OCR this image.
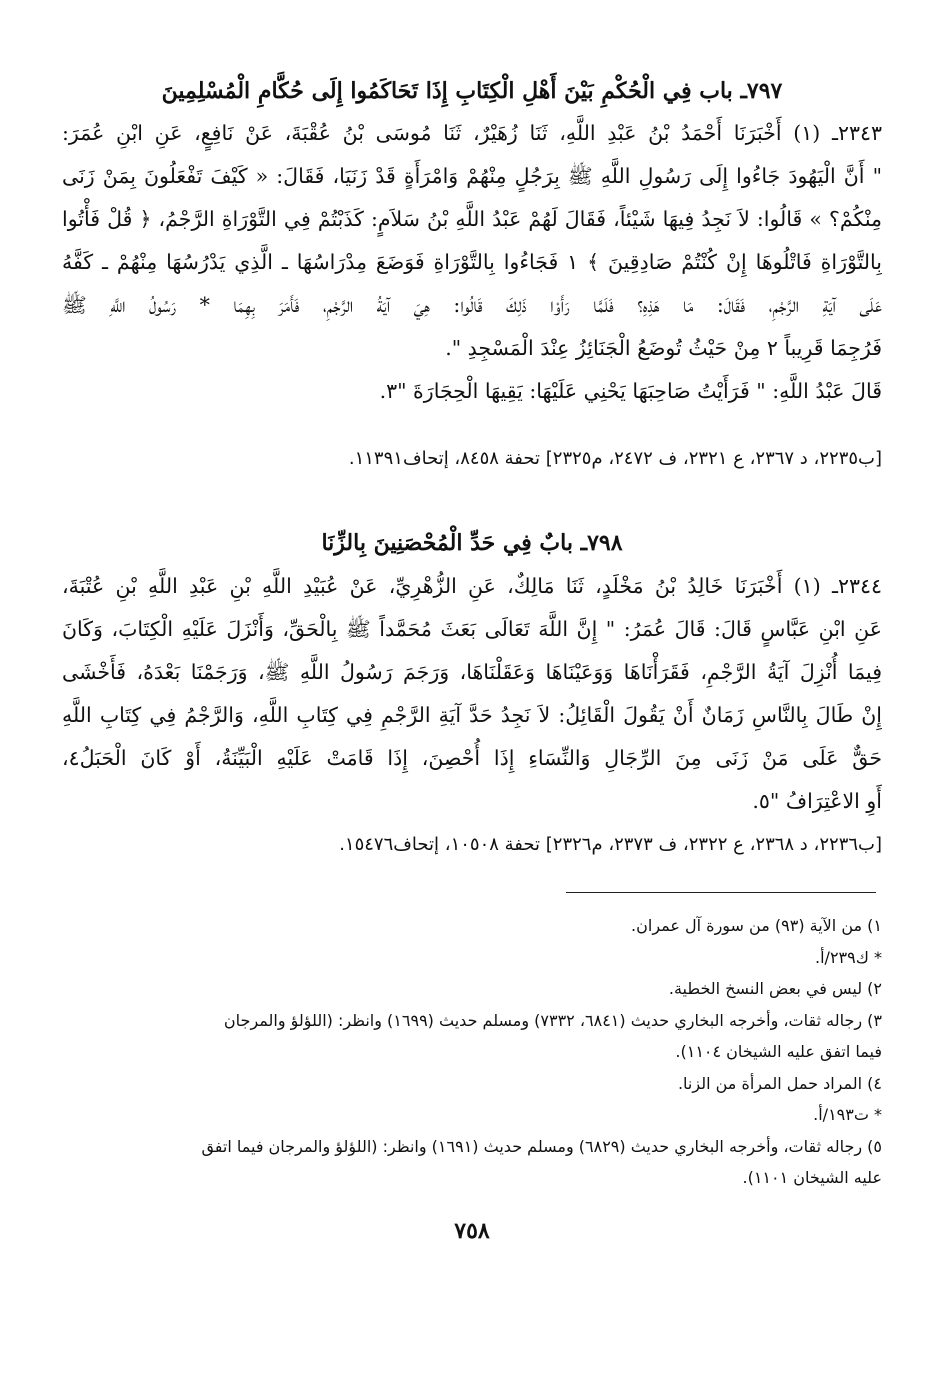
٧٩٧ـ باب فِي الْحُكْمِ بَيْنَ أَهْلِ الْكِتَابِ إِذَا تَحَاكَمُوا إِلَى حُكَّامِ الْمُسْلِمِينَ
٢٣٤٣ـ (١) أَخْبَرَنَا أَحْمَدُ بْنُ عَبْدِ اللَّهِ، ثَنَا زُهَيْرٌ، ثَنَا مُوسَى بْنُ عُقْبَةَ، عَنْ نَافِعٍ، عَنِ ابْنِ عُمَرَ:
" أَنَّ الْيَهُودَ جَاءُوا إِلَى رَسُولِ اللَّهِ ﷺ بِرَجُلٍ مِنْهُمْ وَامْرَأَةٍ قَدْ زَنَيَا، فَقَالَ: « كَيْفَ تَفْعَلُونَ بِمَنْ زَنَى
مِنْكُمْ؟ » قَالُوا: لاَ نَجِدُ فِيهَا شَيْئاً، فَقَالَ لَهُمْ عَبْدُ اللَّهِ بْنُ سَلاَمٍ: كَذَبْتُمْ فِي التَّوْرَاةِ الرَّجْمُ، ﴿ قُلْ فَأْتُوا
بِالتَّوْرَاةِ فَاتْلُوهَا إِنْ كُنْتُمْ صَادِقِينَ ﴾ ١ فَجَاءُوا بِالتَّوْرَاةِ فَوَضَعَ مِدْرَاسُهَا ـ الَّذِي يَدْرُسُهَا مِنْهُمْ ـ كَفَّهُ
عَلَى آيَةِ الرَّجْمِ، فَقَالَ: مَا هَذِهِ؟ فَلَمَّا رَأَوْا ذَلِكَ قَالُوا: هِيَ آيَةُ الرَّجْمِ، فَأَمَرَ بِهِمَا * رَسُولُ اللَّهِ ﷺ
فَرُجِمَا قَرِيباً ٢ مِنْ حَيْثُ تُوضَعُ الْجَنَائِزُ عِنْدَ الْمَسْجِدِ ".
قَالَ عَبْدُ اللَّهِ: " فَرَأَيْتُ صَاحِبَهَا يَحْنِي عَلَيْهَا: يَقِيهَا الْحِجَارَةَ "٣.
[ب٢٢٣٥، د ٢٣٦٧، ع ٢٣٢١، ف ٢٤٧٢، م٢٣٢٥] تحفة ٨٤٥٨، إتحاف١١٣٩١.
٧٩٨ـ بابٌ فِي حَدِّ الْمُحْصَنِينَ بِالزِّنَا
٢٣٤٤ـ (١) أَخْبَرَنَا خَالِدُ بْنُ مَخْلَدٍ، ثَنَا مَالِكٌ، عَنِ الزُّهْرِيِّ، عَنْ عُبَيْدِ اللَّهِ بْنِ عَبْدِ اللَّهِ بْنِ عُتْبَةَ،
عَنِ ابْنِ عَبَّاسٍ قَالَ: قَالَ عُمَرُ: " إِنَّ اللَّهَ تَعَالَى بَعَثَ مُحَمَّداً ﷺ بِالْحَقِّ، وَأَنْزَلَ عَلَيْهِ الْكِتَابَ، وَكَانَ
فِيمَا أُنْزِلَ آيَةُ الرَّجْمِ، فَقَرَأْنَاهَا وَوَعَيْنَاهَا وَعَقَلْنَاهَا، وَرَجَمَ رَسُولُ اللَّهِ ﷺ، وَرَجَمْنَا بَعْدَهُ، فَأَخْشَى
إِنْ طَالَ بِالنَّاسِ زَمَانٌ أَنْ يَقُولَ الْقَائِلُ: لاَ نَجِدُ حَدَّ آيَةِ الرَّجْمِ فِي كِتَابِ اللَّهِ، وَالرَّجْمُ فِي كِتَابِ اللَّهِ
حَقٌّ عَلَى مَنْ زَنَى مِنَ الرِّجَالِ وَالنِّسَاءِ إِذَا أُحْصِنَ، إِذَا قَامَتْ عَلَيْهِ الْبَيِّنَةُ، أَوْ كَانَ الْحَبَلُ٤،
أَوِ الاعْتِرَافُ "٥.
[ب٢٢٣٦، د ٢٣٦٨، ع ٢٣٢٢، ف ٢٣٧٣، م٢٣٢٦] تحفة ١٠٥٠٨، إتحاف١٥٤٧٦.
١) من الآية (٩٣) من سورة آل عمران.
* ك٢٣٩/أ.
٢) ليس في بعض النسخ الخطية.
٣) رجاله ثقات، وأخرجه البخاري حديث (٦٨٤١، ٧٣٣٢) ومسلم حديث (١٦٩٩) وانظر: (اللؤلؤ والمرجان
فيما اتفق عليه الشيخان ١١٠٤).
٤) المراد حمل المرأة من الزنا.
* ت١٩٣/أ.
٥) رجاله ثقات، وأخرجه البخاري حديث (٦٨٢٩) ومسلم حديث (١٦٩١) وانظر: (اللؤلؤ والمرجان فيما اتفق
عليه الشيخان ١١٠١).
٧٥٨
